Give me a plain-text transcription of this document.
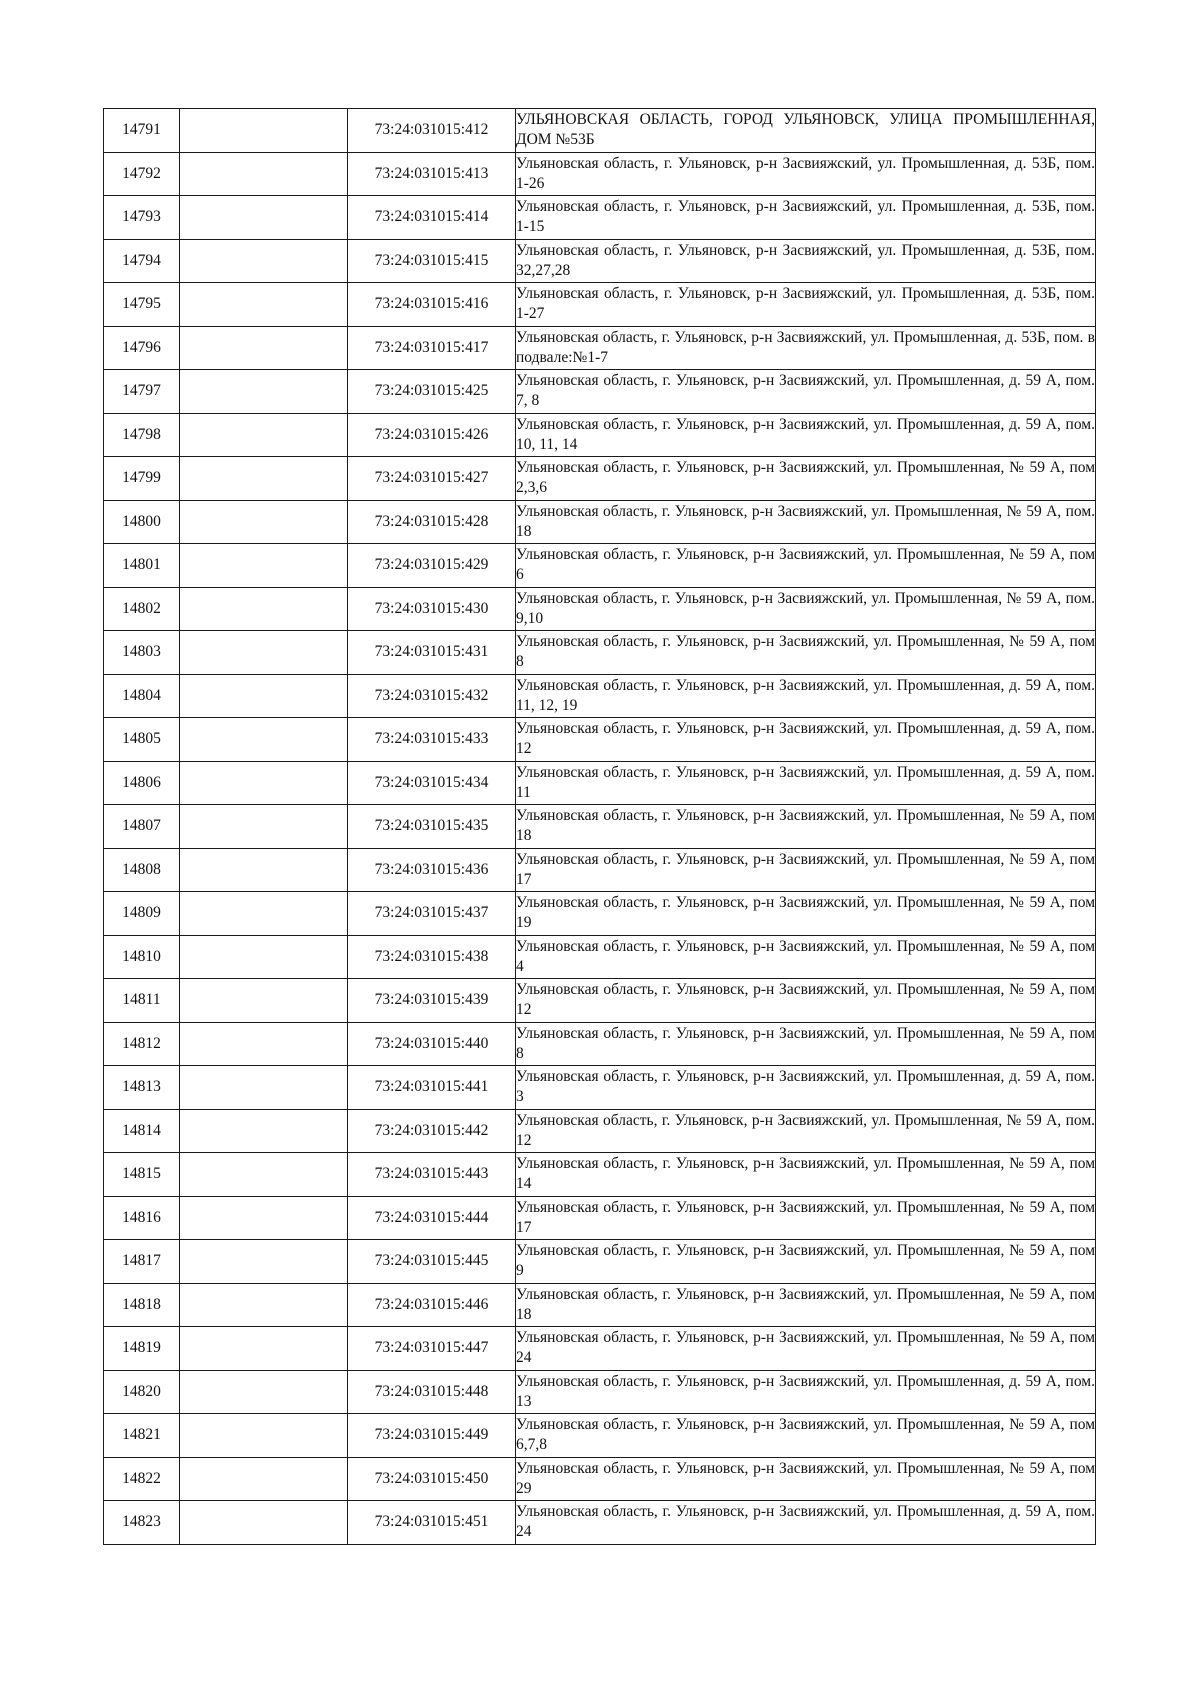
14791		73:24:031015:412	УЛЬЯНОВСКАЯ ОБЛАСТЬ, ГОРОД УЛЬЯНОВСК, УЛИЦА ПРОМЫШЛЕННАЯ, ДОМ №53Б
14792		73:24:031015:413	Ульяновская область, г. Ульяновск, р-н Засвияжский, ул. Промышленная, д. 53Б, пом. 1-26
14793		73:24:031015:414	Ульяновская область, г. Ульяновск, р-н Засвияжский, ул. Промышленная, д. 53Б, пом. 1-15
14794		73:24:031015:415	Ульяновская область, г. Ульяновск, р-н Засвияжский, ул. Промышленная, д. 53Б, пом. 32,27,28
14795		73:24:031015:416	Ульяновская область, г. Ульяновск, р-н Засвияжский, ул. Промышленная, д. 53Б, пом. 1-27
14796		73:24:031015:417	Ульяновская область, г. Ульяновск, р-н Засвияжский, ул. Промышленная, д. 53Б, пом. в подвале:№1-7
14797		73:24:031015:425	Ульяновская область, г. Ульяновск, р-н Засвияжский, ул. Промышленная, д. 59 А, пом. 7, 8
14798		73:24:031015:426	Ульяновская область, г. Ульяновск, р-н Засвияжский, ул. Промышленная, д. 59 А, пом. 10, 11, 14
14799		73:24:031015:427	Ульяновская область, г. Ульяновск, р-н Засвияжский, ул. Промышленная, № 59 А, пом 2,3,6
14800		73:24:031015:428	Ульяновская область, г. Ульяновск, р-н Засвияжский, ул. Промышленная, № 59 А, пом. 18
14801		73:24:031015:429	Ульяновская область, г. Ульяновск, р-н Засвияжский, ул. Промышленная, № 59 А, пом 6
14802		73:24:031015:430	Ульяновская область, г. Ульяновск, р-н Засвияжский, ул. Промышленная, № 59 А, пом. 9,10
14803		73:24:031015:431	Ульяновская область, г. Ульяновск, р-н Засвияжский, ул. Промышленная, № 59 А, пом 8
14804		73:24:031015:432	Ульяновская область, г. Ульяновск, р-н Засвияжский, ул. Промышленная, д. 59 А, пом. 11, 12, 19
14805		73:24:031015:433	Ульяновская область, г. Ульяновск, р-н Засвияжский, ул. Промышленная, д. 59 А, пом. 12
14806		73:24:031015:434	Ульяновская область, г. Ульяновск, р-н Засвияжский, ул. Промышленная, д. 59 А, пом. 11
14807		73:24:031015:435	Ульяновская область, г. Ульяновск, р-н Засвияжский, ул. Промышленная, № 59 А, пом 18
14808		73:24:031015:436	Ульяновская область, г. Ульяновск, р-н Засвияжский, ул. Промышленная, № 59 А, пом 17
14809		73:24:031015:437	Ульяновская область, г. Ульяновск, р-н Засвияжский, ул. Промышленная, № 59 А, пом 19
14810		73:24:031015:438	Ульяновская область, г. Ульяновск, р-н Засвияжский, ул. Промышленная, № 59 А, пом 4
14811		73:24:031015:439	Ульяновская область, г. Ульяновск, р-н Засвияжский, ул. Промышленная, № 59 А, пом 12
14812		73:24:031015:440	Ульяновская область, г. Ульяновск, р-н Засвияжский, ул. Промышленная, № 59 А, пом 8
14813		73:24:031015:441	Ульяновская область, г. Ульяновск, р-н Засвияжский, ул. Промышленная, д. 59 А, пом. 3
14814		73:24:031015:442	Ульяновская область, г. Ульяновск, р-н Засвияжский, ул. Промышленная, № 59 А, пом. 12
14815		73:24:031015:443	Ульяновская область, г. Ульяновск, р-н Засвияжский, ул. Промышленная, № 59 А, пом 14
14816		73:24:031015:444	Ульяновская область, г. Ульяновск, р-н Засвияжский, ул. Промышленная, № 59 А, пом 17
14817		73:24:031015:445	Ульяновская область, г. Ульяновск, р-н Засвияжский, ул. Промышленная, № 59 А, пом 9
14818		73:24:031015:446	Ульяновская область, г. Ульяновск, р-н Засвияжский, ул. Промышленная, № 59 А, пом 18
14819		73:24:031015:447	Ульяновская область, г. Ульяновск, р-н Засвияжский, ул. Промышленная, № 59 А, пом 24
14820		73:24:031015:448	Ульяновская область, г. Ульяновск, р-н Засвияжский, ул. Промышленная, д. 59 А, пом. 13
14821		73:24:031015:449	Ульяновская область, г. Ульяновск, р-н Засвияжский, ул. Промышленная, № 59 А, пом 6,7,8
14822		73:24:031015:450	Ульяновская область, г. Ульяновск, р-н Засвияжский, ул. Промышленная, № 59 А, пом 29
14823		73:24:031015:451	Ульяновская область, г. Ульяновск, р-н Засвияжский, ул. Промышленная, д. 59 А, пом. 24
